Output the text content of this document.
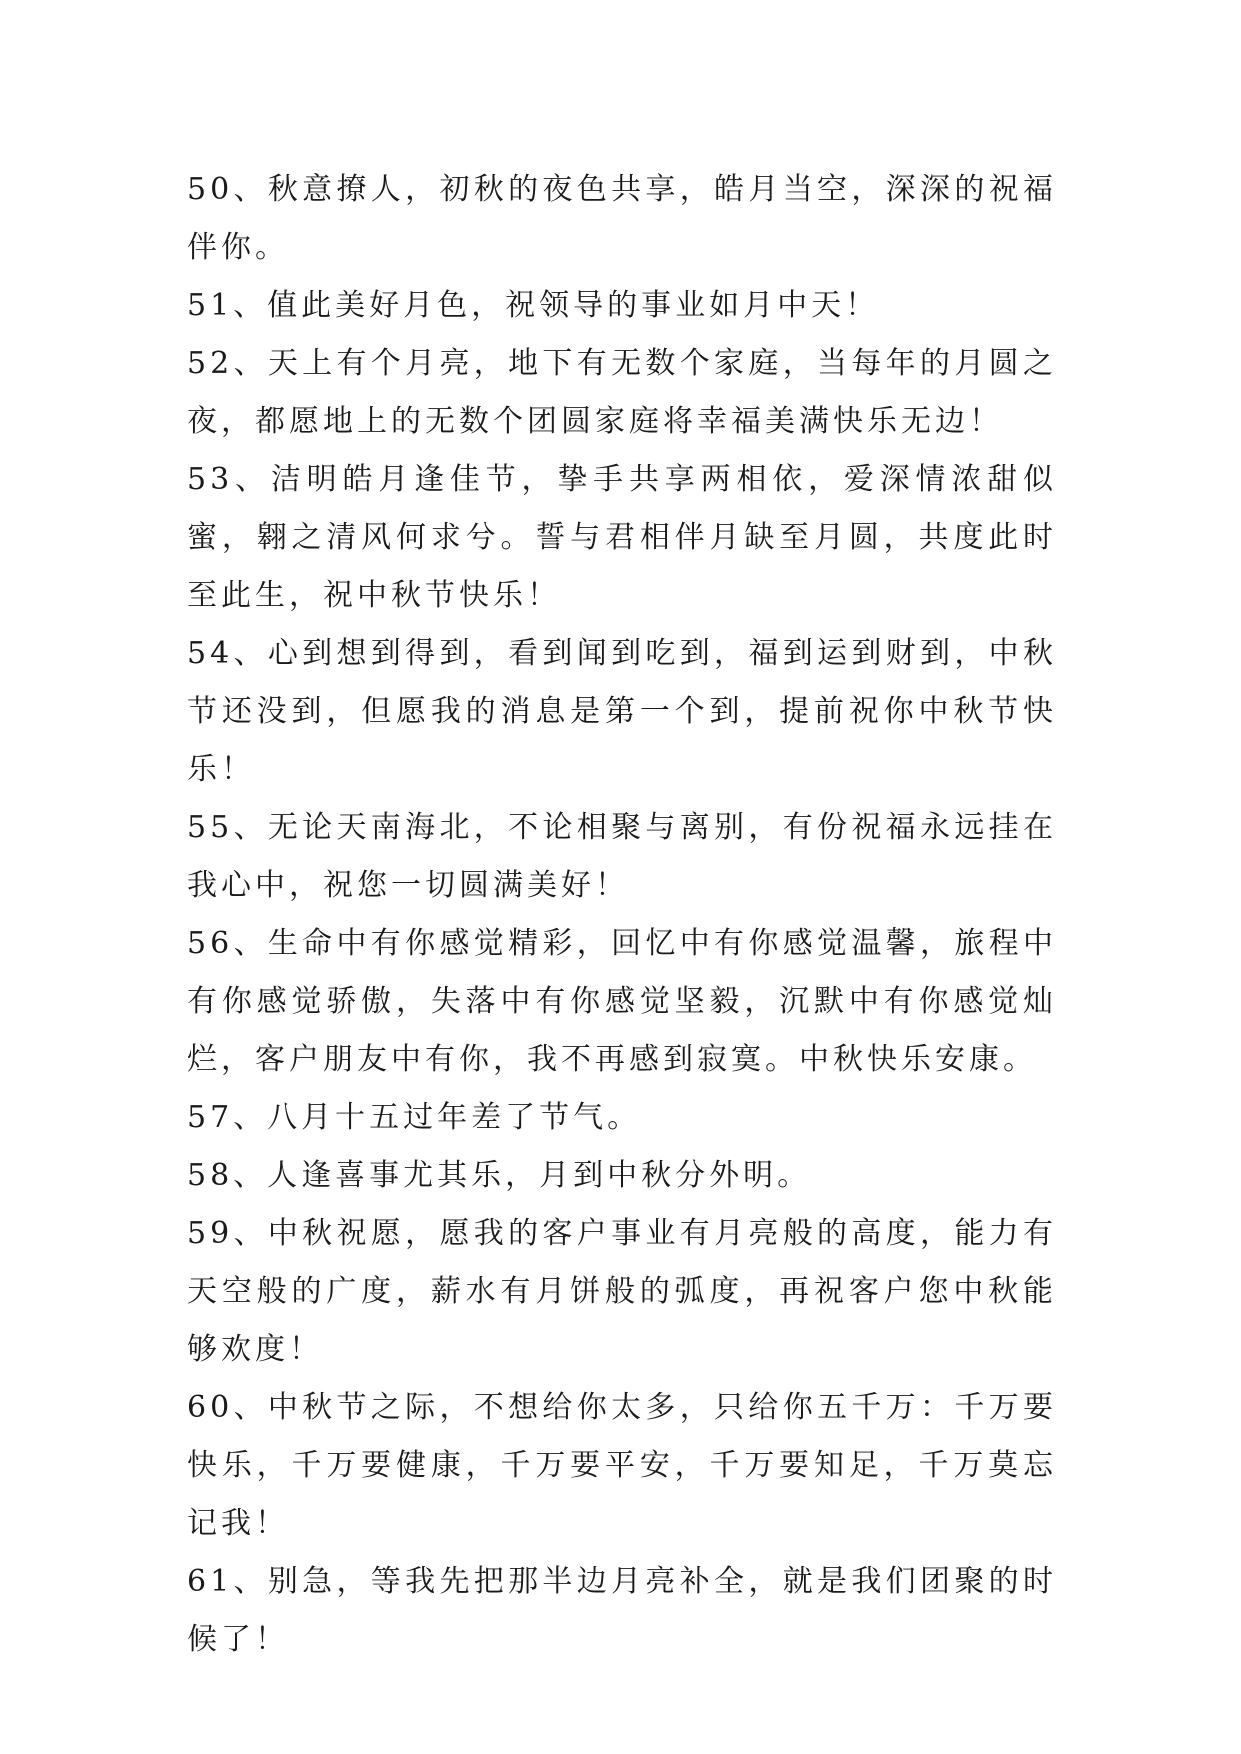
50、秋意撩人，初秋的夜色共享，皓月当空，深深的祝福伴你。

51、值此美好月色，祝领导的事业如月中天！

52、天上有个月亮，地下有无数个家庭，当每年的月圆之夜，都愿地上的无数个团圆家庭将幸福美满快乐无边！

53、洁明皓月逢佳节，挚手共享两相依，爱深情浓甜似蜜，翱之清风何求兮。誓与君相伴月缺至月圆，共度此时至此生，祝中秋节快乐！

54、心到想到得到，看到闻到吃到，福到运到财到，中秋节还没到，但愿我的消息是第一个到，提前祝你中秋节快乐！

55、无论天南海北，不论相聚与离别，有份祝福永远挂在我心中，祝您一切圆满美好！

56、生命中有你感觉精彩，回忆中有你感觉温馨，旅程中有你感觉骄傲，失落中有你感觉坚毅，沉默中有你感觉灿烂，客户朋友中有你，我不再感到寂寞。中秋快乐安康。

57、八月十五过年差了节气。

58、人逢喜事尤其乐，月到中秋分外明。

59、中秋祝愿，愿我的客户事业有月亮般的高度，能力有天空般的广度，薪水有月饼般的弧度，再祝客户您中秋能够欢度！

60、中秋节之际，不想给你太多，只给你五千万：千万要快乐，千万要健康，千万要平安，千万要知足，千万莫忘记我！

61、别急，等我先把那半边月亮补全，就是我们团聚的时候了！
